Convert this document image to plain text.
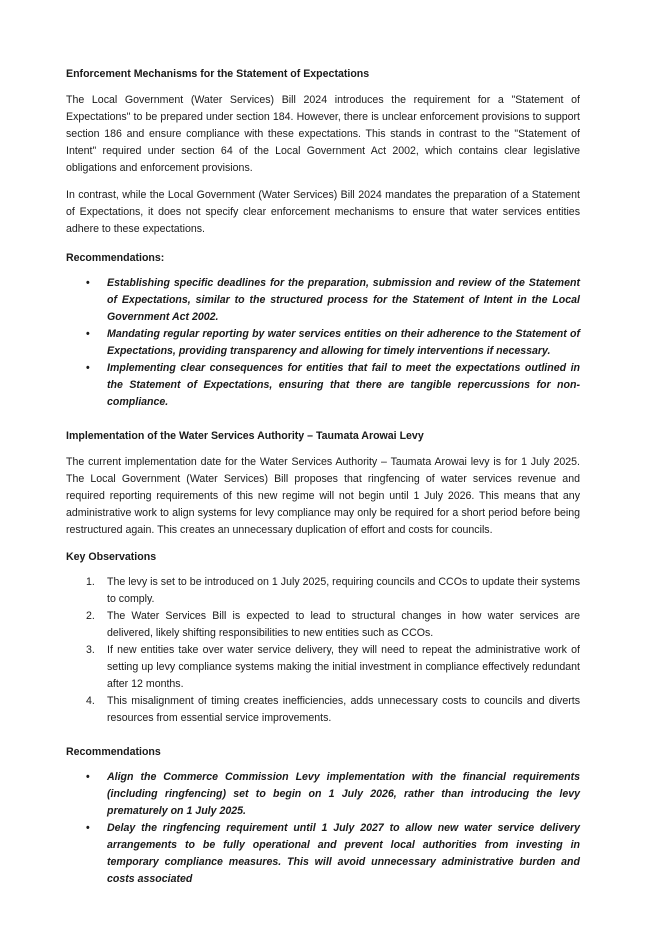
Enforcement Mechanisms for the Statement of Expectations

The Local Government (Water Services) Bill 2024 introduces the requirement for a "Statement of Expectations" to be prepared under section 184. However, there is unclear enforcement provisions to support section 186 and ensure compliance with these expectations. This stands in contrast to the "Statement of Intent" required under section 64 of the Local Government Act 2002, which contains clear legislative obligations and enforcement provisions.

In contrast, while the Local Government (Water Services) Bill 2024 mandates the preparation of a Statement of Expectations, it does not specify clear enforcement mechanisms to ensure that water services entities adhere to these expectations.

Recommendations:

• Establishing specific deadlines for the preparation, submission and review of the Statement of Expectations, similar to the structured process for the Statement of Intent in the Local Government Act 2002.
• Mandating regular reporting by water services entities on their adherence to the Statement of Expectations, providing transparency and allowing for timely interventions if necessary.
• Implementing clear consequences for entities that fail to meet the expectations outlined in the Statement of Expectations, ensuring that there are tangible repercussions for non-compliance.

Implementation of the Water Services Authority – Taumata Arowai Levy

The current implementation date for the Water Services Authority – Taumata Arowai levy is for 1 July 2025. The Local Government (Water Services) Bill proposes that ringfencing of water services revenue and required reporting requirements of this new regime will not begin until 1 July 2026. This means that any administrative work to align systems for levy compliance may only be required for a short period before being restructured again. This creates an unnecessary duplication of effort and costs for councils.

Key Observations

1. The levy is set to be introduced on 1 July 2025, requiring councils and CCOs to update their systems to comply.
2. The Water Services Bill is expected to lead to structural changes in how water services are delivered, likely shifting responsibilities to new entities such as CCOs.
3. If new entities take over water service delivery, they will need to repeat the administrative work of setting up levy compliance systems making the initial investment in compliance effectively redundant after 12 months.
4. This misalignment of timing creates inefficiencies, adds unnecessary costs to councils and diverts resources from essential service improvements.

Recommendations

• Align the Commerce Commission Levy implementation with the financial requirements (including ringfencing) set to begin on 1 July 2026, rather than introducing the levy prematurely on 1 July 2025.
• Delay the ringfencing requirement until 1 July 2027 to allow new water service delivery arrangements to be fully operational and prevent local authorities from investing in temporary compliance measures. This will avoid unnecessary administrative burden and costs associated
